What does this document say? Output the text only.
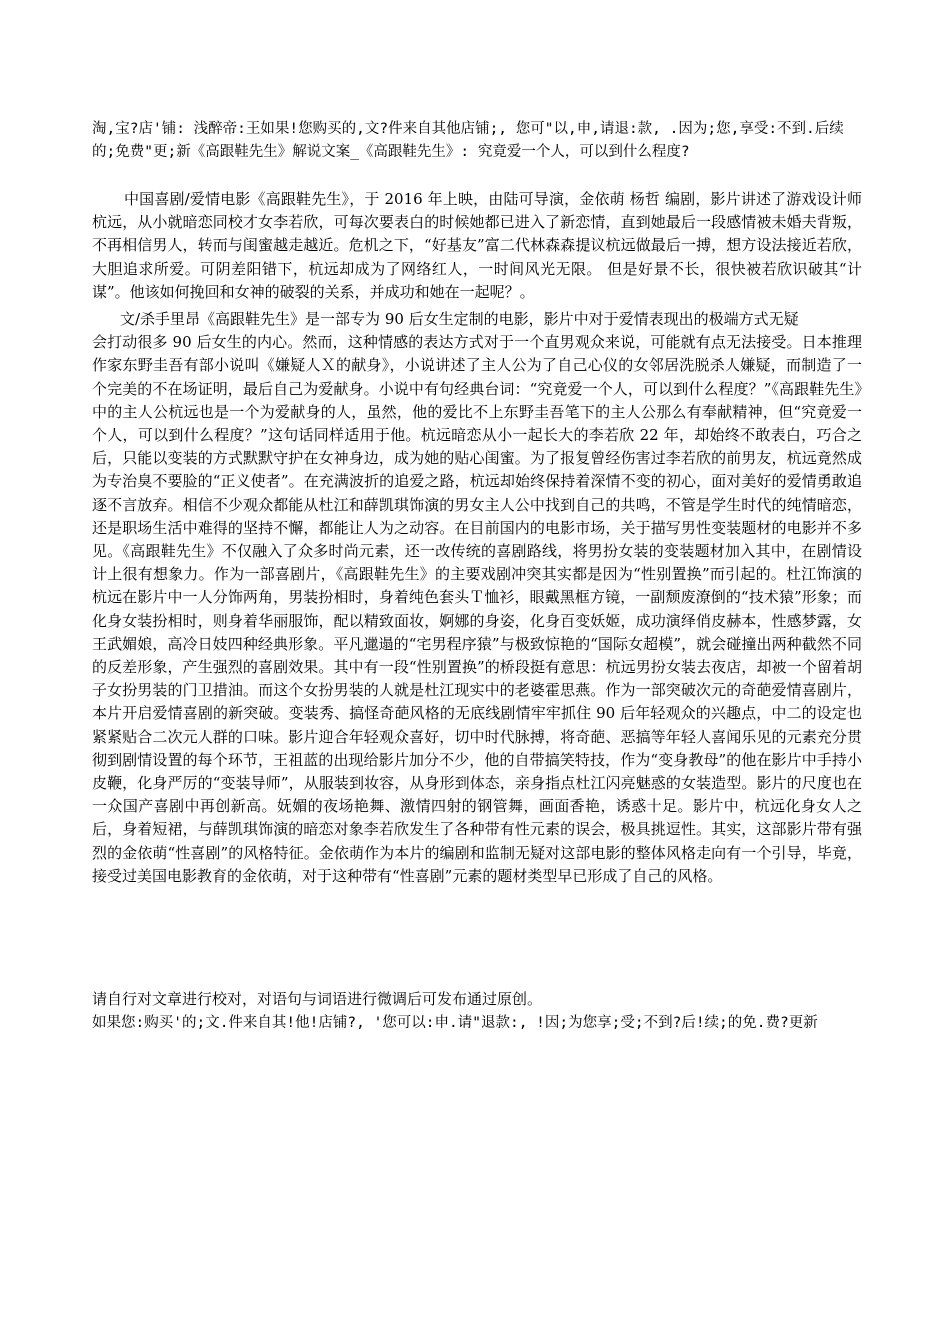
淘,宝?店'铺: 浅醉帝:王如果!您购买的,文?件来自其他店铺;, 您可"以,申,请退:款, .因为;您,享受:不到.后续的;免费"更;新《高跟鞋先生》解说文案_《高跟鞋先生》: 究竟爱一个人，可以到什么程度?
中国喜剧/爱情电影《高跟鞋先生》，于 2016 年上映，由陆可导演，金依萌 杨哲 编剧，影片讲述了游戏设计师杭远，从小就暗恋同校才女李若欣，可每次要表白的时候她都已进入了新恋情，直到她最后一段感情被未婚夫背叛，不再相信男人，转而与闺蜜越走越近。危机之下，“好基友”富二代林森森提议杭远做最后一搏，想方设法接近若欣，大胆追求所爱。可阴差阳错下，杭远却成为了网络红人，一时间风光无限。 但是好景不长，很快被若欣识破其“计谋”。他该如何挽回和女神的破裂的关系，并成功和她在一起呢？。
文/杀手里昂《高跟鞋先生》是一部专为 90 后女生定制的电影，影片中对于爱情表现出的极端方式无疑
会打动很多 90 后女生的内心。然而，这种情感的表达方式对于一个直男观众来说，可能就有点无法接受。日本推理作家东野圭吾有部小说叫《嫌疑人Ｘ的献身》，小说讲述了主人公为了自己心仪的女邻居洗脱杀人嫌疑，而制造了一个完美的不在场证明，最后自己为爱献身。小说中有句经典台词：“究竟爱一个人，可以到什么程度？”《高跟鞋先生》中的主人公杭远也是一个为爱献身的人，虽然，他的爱比不上东野圭吾笔下的主人公那么有奉献精神，但“究竟爱一个人，可以到什么程度？”这句话同样适用于他。杭远暗恋从小一起长大的李若欣 22 年，却始终不敢表白，巧合之后，只能以变装的方式默默守护在女神身边，成为她的贴心闺蜜。为了报复曾经伤害过李若欣的前男友，杭远竟然成为专治臭不要脸的“正义使者”。在充满波折的追爱之路，杭远却始终保持着深情不变的初心，面对美好的爱情勇敢追逐不言放弃。相信不少观众都能从杜江和薛凯琪饰演的男女主人公中找到自己的共鸣，不管是学生时代的纯情暗恋，还是职场生活中难得的坚持不懈，都能让人为之动容。在目前国内的电影市场，关于描写男性变装题材的电影并不多见。《高跟鞋先生》不仅融入了众多时尚元素，还一改传统的喜剧路线，将男扮女装的变装题材加入其中，在剧情设计上很有想象力。作为一部喜剧片，《高跟鞋先生》的主要戏剧冲突其实都是因为“性别置换”而引起的。杜江饰演的杭远在影片中一人分饰两角，男装扮相时，身着纯色套头Ｔ恤衫，眼戴黑框方镜，一副颓废潦倒的“技术猿”形象；而化身女装扮相时，则身着华丽服饰，配以精致面妆，婀娜的身姿，化身百变妖姬，成功演绎俏皮赫本，性感梦露，女王武媚娘，高冷日妓四种经典形象。平凡邋遢的“宅男程序猿”与极致惊艳的“国际女超模”，就会碰撞出两种截然不同的反差形象，产生强烈的喜剧效果。其中有一段“性别置换”的桥段挺有意思：杭远男扮女装去夜店，却被一个留着胡子女扮男装的门卫措油。而这个女扮男装的人就是杜江现实中的老婆霍思燕。作为一部突破次元的奇葩爱情喜剧片，本片开启爱情喜剧的新突破。变装秀、搞怪奇葩风格的无底线剧情牢牢抓住 90 后年轻观众的兴趣点，中二的设定也紧紧贴合二次元人群的口味。影片迎合年轻观众喜好，切中时代脉搏，将奇葩、恶搞等年轻人喜闻乐见的元素充分贯彻到剧情设置的每个环节，王祖蓝的出现给影片加分不少，他的自带搞笑特技，作为“变身教母”的他在影片中手持小皮鞭，化身严厉的“变装导师”，从服装到妆容，从身形到体态，亲身指点杜江闪亮魅惑的女装造型。影片的尺度也在一众国产喜剧中再创新高。妩媚的夜场艳舞、激情四射的钢管舞，画面香艳，诱惑十足。影片中，杭远化身女人之后，身着短裙，与薛凯琪饰演的暗恋对象李若欣发生了各种带有性元素的误会，极具挑逗性。其实，这部影片带有强烈的金依萌“性喜剧”的风格特征。金依萌作为本片的编剧和监制无疑对这部电影的整体风格走向有一个引导，毕竟，接受过美国电影教育的金依萌，对于这种带有“性喜剧”元素的题材类型早已形成了自己的风格。
请自行对文章进行校对，对语句与词语进行微调后可发布通过原创。
如果您:购买'的;文.件来自其!他!店铺?, '您可以:申.请"退款:, !因;为您享;受;不到?后!续;的免.费?更新
